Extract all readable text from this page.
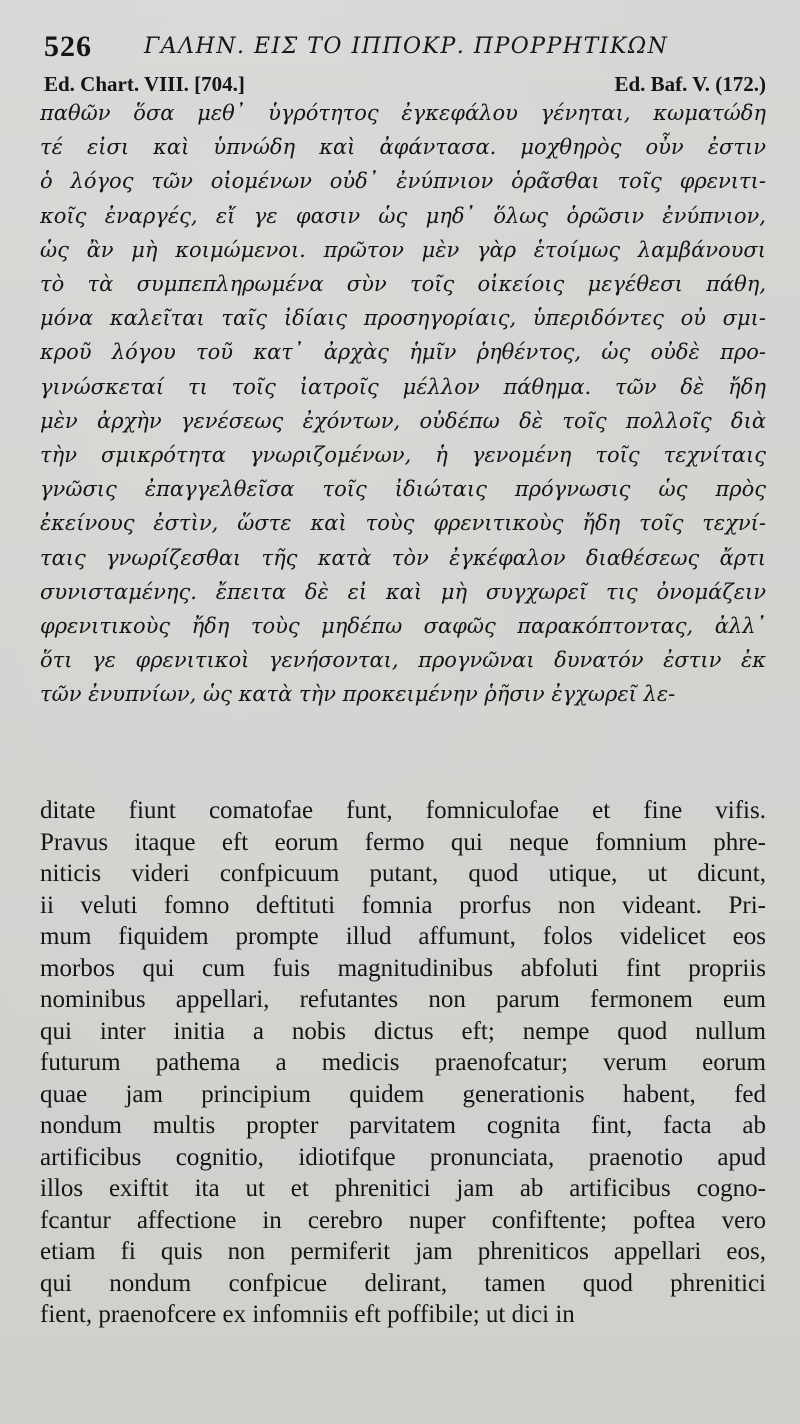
526 ΓΑΛΗΝ. ΕΙΣ ΤΟ ΙΠΠΟΚΡ. ΠΡΟΡΡΗΤΙΚΩΝ
Ed. Chart. VIII. [704.]	Ed. Baf. V. (172.)
παθῶν ὅσα μεθ᾽ ὑγρότητος ἐγκεφάλου γένηται, κωματώδη
τέ εἰσι καὶ ὑπνώδη καὶ ἀφάντασα. μοχθηρὸς οὖν ἐστιν
ὁ λόγος τῶν οἰομένων οὐδ᾽ ἐνύπνιον ὁρᾶσθαι τοῖς φρενιτι-
κοῖς ἐναργές, εἴ γε φασιν ὡς μηδ᾽ ὅλως ὁρῶσιν ἐνύπνιον,
ὡς ἂν μὴ κοιμώμενοι. πρῶτον μὲν γὰρ ἑτοίμως λαμβάνουσι
τὸ τὰ συμπεπληρωμένα σὺν τοῖς οἰκείοις μεγέθεσι πάθη,
μόνα καλεῖται ταῖς ἰδίαις προσηγορίαις, ὑπεριδόντες οὐ σμι-
κροῦ λόγου τοῦ κατ᾽ ἀρχὰς ἡμῖν ῥηθέντος, ὡς οὐδὲ προ-
γινώσκεταί τι τοῖς ἰατροῖς μέλλον πάθημα. τῶν δὲ ἤδη
μὲν ἀρχὴν γενέσεως ἐχόντων, οὐδέπω δὲ τοῖς πολλοῖς διὰ
τὴν σμικρότητα γνωριζομένων, ἡ γενομένη τοῖς τεχνίταις
γνῶσις ἐπαγγελθεῖσα τοῖς ἰδιώταις πρόγνωσις ὡς πρὸς
ἐκείνους ἐστὶν, ὥστε καὶ τοὺς φρενιτικοὺς ἤδη τοῖς τεχνί-
ταις γνωρίζεσθαι τῆς κατὰ τὸν ἐγκέφαλον διαθέσεως ἄρτι
συνισταμένης. ἔπειτα δὲ εἰ καὶ μὴ συγχωρεῖ τις ὀνομάζειν
φρενιτικοὺς ἤδη τοὺς μηδέπω σαφῶς παρακόπτοντας, ἀλλ᾽
ὅτι γε φρενιτικοὶ γενήσονται, προγνῶναι δυνατόν ἐστιν ἐκ
τῶν ἐνυπνίων, ὡς κατὰ τὴν προκειμένην ῥῆσιν ἐγχωρεῖ λε-
ditate fiunt comatofae funt, fomniculofae et fine vifis.
Pravus itaque eft eorum fermo qui neque fomnium phre-
niticis videri confpicuum putant, quod utique, ut dicunt,
ii veluti fomno deftituti fomnia prorfus non videant. Pri-
mum fiquidem prompte illud affumunt, folos videlicet eos
morbos qui cum fuis magnitudinibus abfoluti fint propriis
nominibus appellari, refutantes non parum fermonem eum
qui inter initia a nobis dictus eft; nempe quod nullum
futurum pathema a medicis praenofcatur; verum eorum
quae jam principium quidem generationis habent, fed
nondum multis propter parvitatem cognita fint, facta ab
artificibus cognitio, idiotifque pronunciata, praenotio apud
illos exiftit ita ut et phrenitici jam ab artificibus cogno-
fcantur affectione in cerebro nuper confiftente; poftea vero
etiam fi quis non permiferit jam phreniticos appellari eos,
qui nondum confpicue delirant, tamen quod phrenitici
fient, praenofcere ex infomniis eft poffibile; ut dici in
